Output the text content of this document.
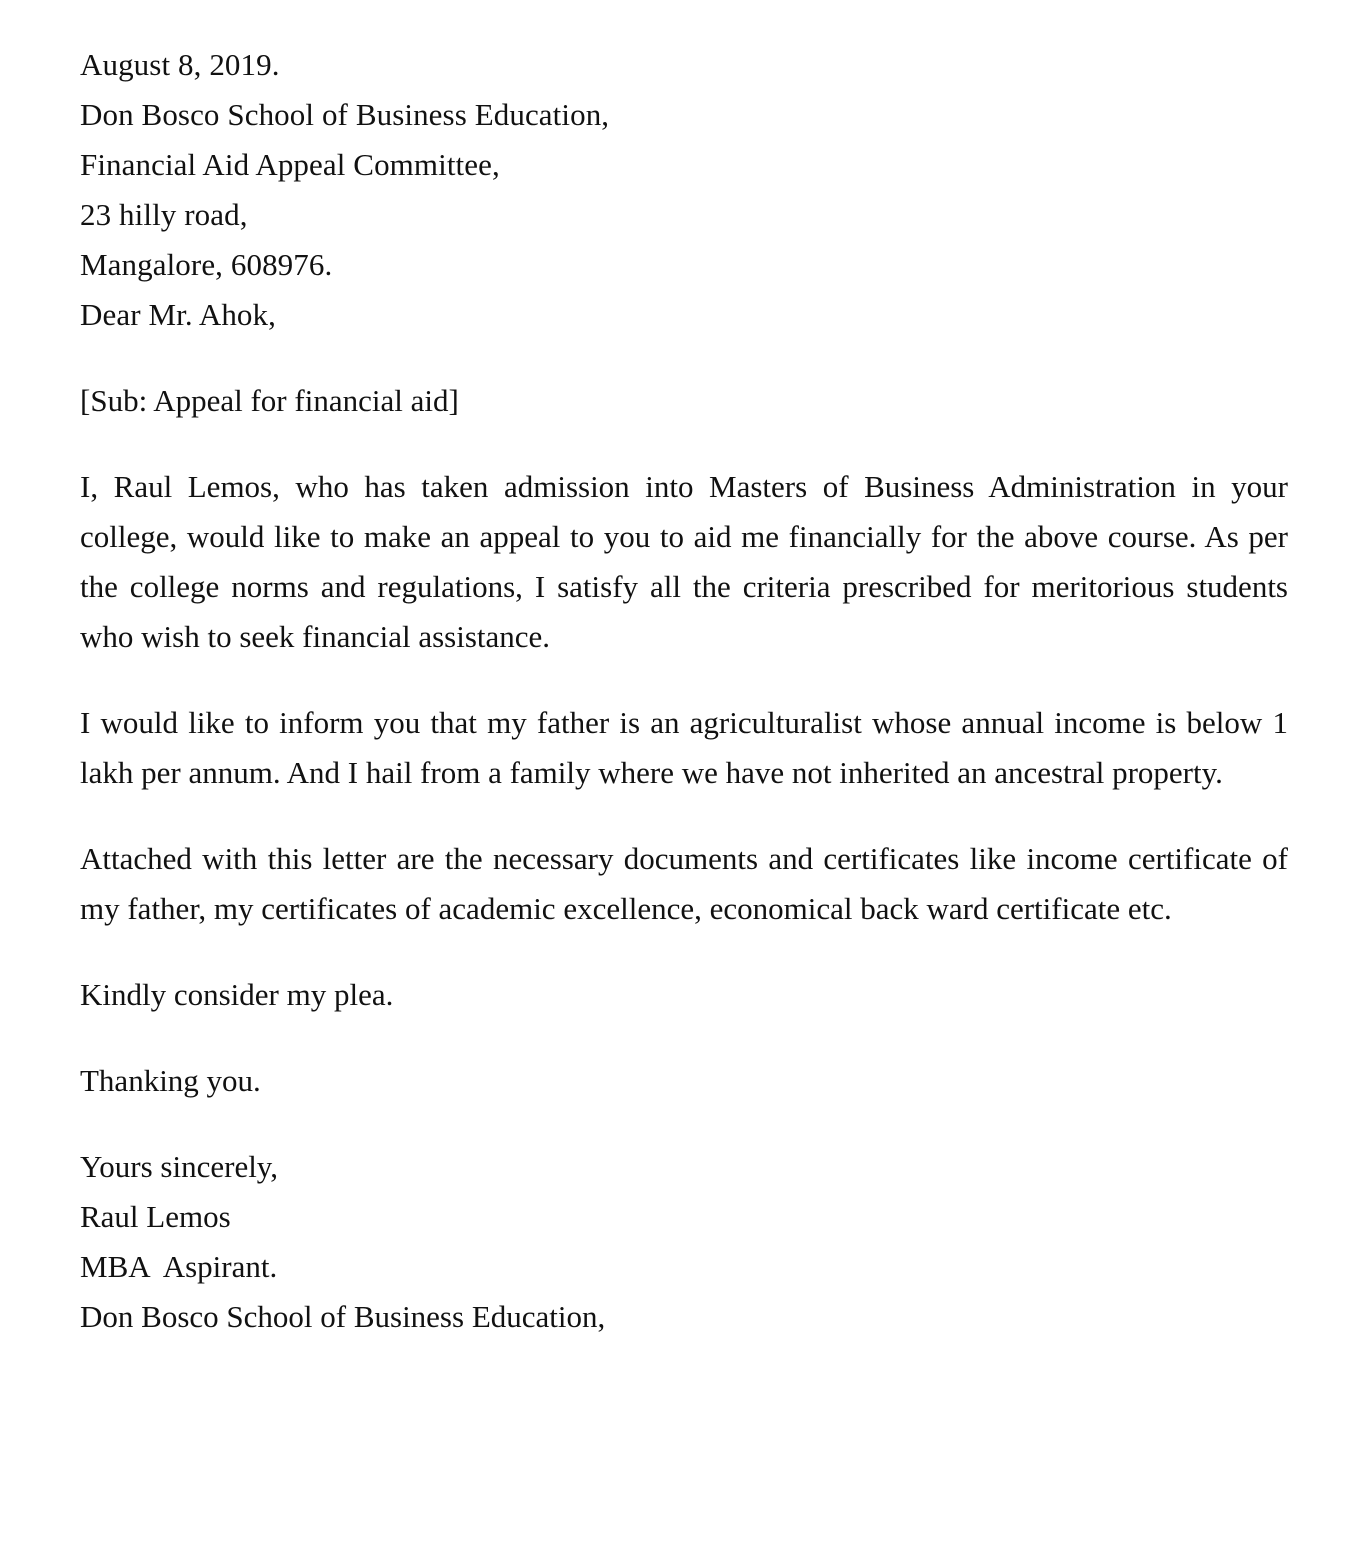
August 8, 2019.
Don Bosco School of Business Education,
Financial Aid Appeal Committee,
23 hilly road,
Mangalore, 608976.
Dear Mr. Ahok,
[Sub: Appeal for financial aid]

I, Raul Lemos, who has taken admission into Masters of Business Administration in your college, would like to make an appeal to you to aid me financially for the above course. As per the college norms and regulations, I satisfy all the criteria prescribed for meritorious students who wish to seek financial assistance.

I would like to inform you that my father is an agriculturalist whose annual income is below 1 lakh per annum. And I hail from a family where we have not inherited an ancestral property.

Attached with this letter are the necessary documents and certificates like income certificate of my father, my certificates of academic excellence, economical back ward certificate etc.

Kindly consider my plea.
Thanking you.
Yours sincerely,
Raul Lemos
MBA  Aspirant.
Don Bosco School of Business Education,
